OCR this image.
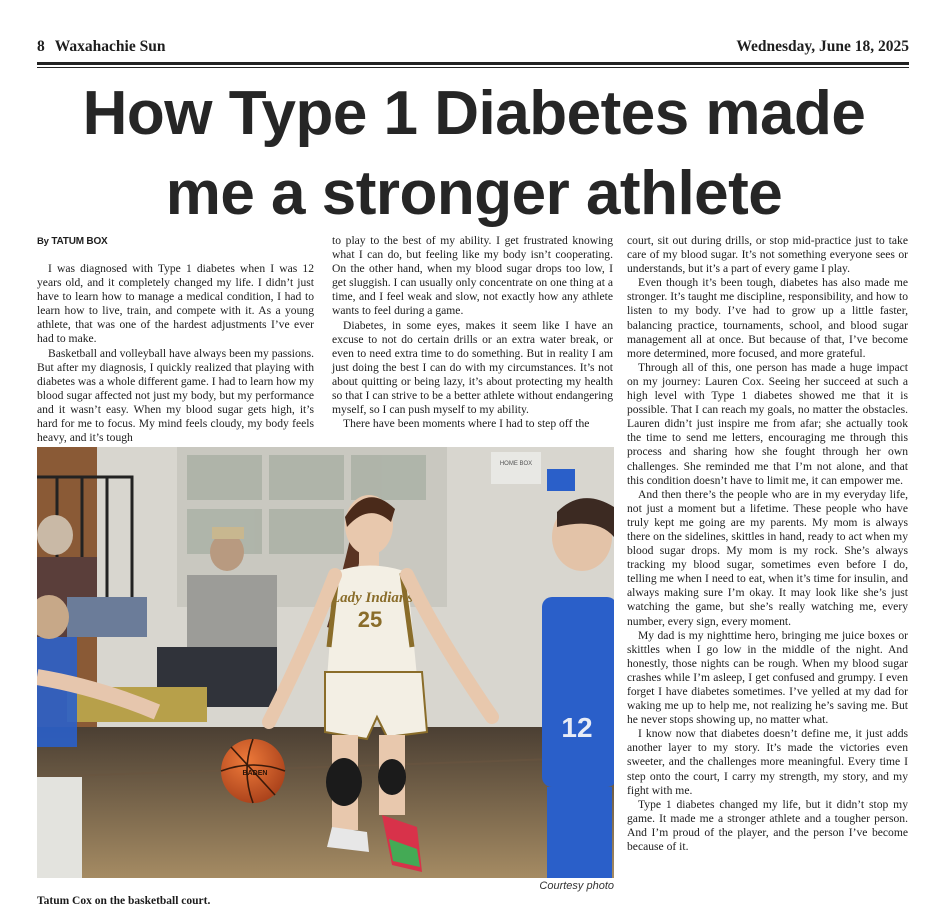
8 Waxahachie Sun	Wednesday, June 18, 2025
How Type 1 Diabetes made
me a stronger athlete
By TATUM BOX

I was diagnosed with Type 1 diabetes when I was 12 years old, and it completely changed my life. I didn’t just have to learn how to manage a medical condition, I had to learn how to live, train, and compete with it. As a young athlete, that was one of the hardest adjustments I’ve ever had to make.

Basketball and volleyball have always been my passions. But after my diagnosis, I quickly realized that playing with diabetes was a whole different game. I had to learn how my blood sugar affected not just my body, but my performance and it wasn’t easy. When my blood sugar gets high, it’s hard for me to focus. My mind feels cloudy, my body feels heavy, and it’s tough

to play to the best of my ability. I get frustrated knowing what I can do, but feeling like my body isn’t cooperating. On the other hand, when my blood sugar drops too low, I get sluggish. I can usually only concentrate on one thing at a time, and I feel weak and slow, not exactly how any athlete wants to feel during a game.

Diabetes, in some eyes, makes it seem like I have an excuse to not do certain drills or an extra water break, or even to need extra time to do something. But in reality I am just doing the best I can do with my circumstances. It’s not about quitting or being lazy, it’s about protecting my health so that I can strive to be a better athlete without endangering myself, so I can push myself to my ability.

There have been moments where I had to step off the

court, sit out during drills, or stop mid-practice just to take care of my blood sugar. It’s not something everyone sees or understands, but it’s a part of every game I play.

Even though it’s been tough, diabetes has also made me stronger. It’s taught me discipline, responsibility, and how to listen to my body. I’ve had to grow up a little faster, balancing practice, tournaments, school, and blood sugar management all at once. But because of that, I’ve become more determined, more focused, and more grateful.

Through all of this, one person has made a huge impact on my journey: Lauren Cox. Seeing her succeed at such a high level with Type 1 diabetes showed me that it is possible. That I can reach my goals, no matter the obstacles. Lauren didn’t just inspire me from afar; she actually took the time to send me letters, encouraging me through this process and sharing how she fought through her own challenges. She reminded me that I’m not alone, and that this condition doesn’t have to limit me, it can empower me.

And then there’s the people who are in my everyday life, not just a moment but a lifetime. These people who have truly kept me going are my parents. My mom is always there on the sidelines, skittles in hand, ready to act when my blood sugar drops. My mom is my rock. She’s always tracking my blood sugar, sometimes even before I do, telling me when I need to eat, when it’s time for insulin, and always making sure I’m okay. It may look like she’s just watching the game, but she’s really watching me, every number, every sign, every moment.

My dad is my nighttime hero, bringing me juice boxes or skittles when I go low in the middle of the night. And honestly, those nights can be rough. When my blood sugar crashes while I’m asleep, I get confused and grumpy. I even forget I have diabetes sometimes. I’ve yelled at my dad for waking me up to help me, not realizing he’s saving me. But he never stops showing up, no matter what.

I know now that diabetes doesn’t define me, it just adds another layer to my story. It’s made the victories even sweeter, and the challenges more meaningful. Every time I step onto the court, I carry my strength, my story, and my fight with me.

Type 1 diabetes changed my life, but it didn’t stop my game. It made me a stronger athlete and a tougher person. And I’m proud of the player, and the person I’ve become because of it.

HOME BOX
12
Lady Indians
25
BADEN
Courtesy photo
Tatum Cox on the basketball court.
